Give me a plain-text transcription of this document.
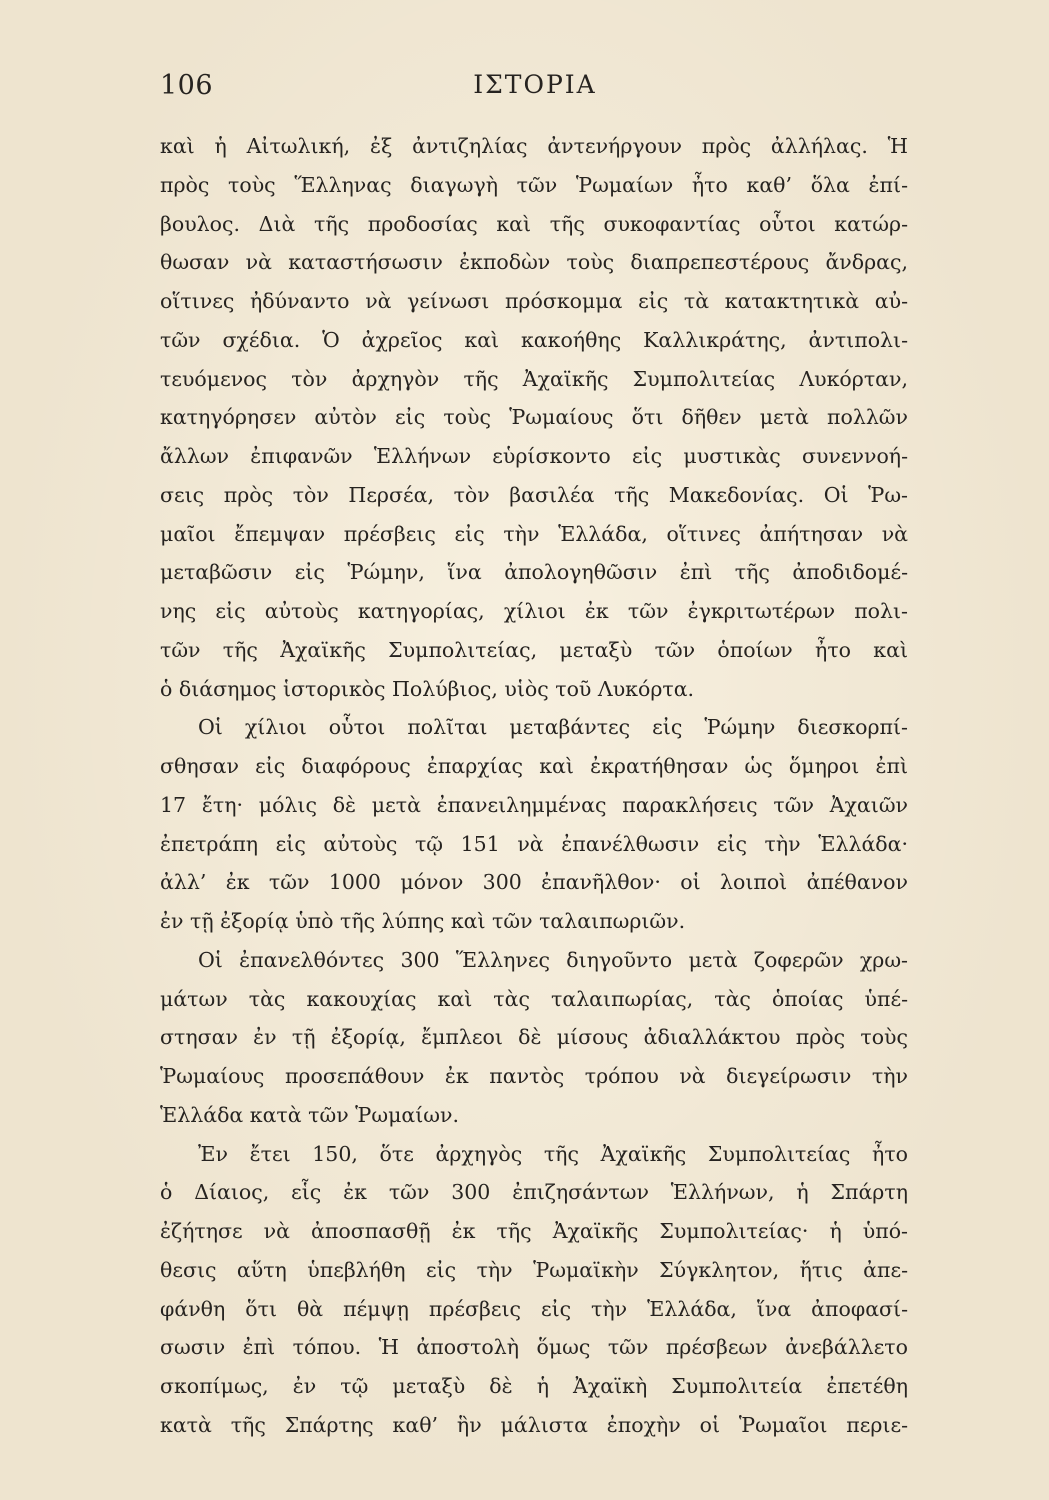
106	ΙΣΤΟΡΙΑ
καὶ ἡ Αἰτωλική, ἐξ ἀντιζηλίας ἀντενήργουν πρὸς ἀλλήλας. Ἡ
πρὸς τοὺς Ἕλληνας διαγωγὴ τῶν Ῥωμαίων ἦτο καθ’ ὅλα ἐπί-
βουλος. Διὰ τῆς προδοσίας καὶ τῆς συκοφαντίας οὗτοι κατώρ-
θωσαν νὰ καταστήσωσιν ἐκποδὼν τοὺς διαπρεπεστέρους ἄνδρας,
οἵτινες ἠδύναντο νὰ γείνωσι πρόσκομμα εἰς τὰ κατακτητικὰ αὐ-
τῶν σχέδια. Ὁ ἀχρεῖος καὶ κακοήθης Καλλικράτης, ἀντιπολι-
τευόμενος τὸν ἀρχηγὸν τῆς Ἀχαϊκῆς Συμπολιτείας Λυκόρταν,
κατηγόρησεν αὐτὸν εἰς τοὺς Ῥωμαίους ὅτι δῆθεν μετὰ πολλῶν
ἄλλων ἐπιφανῶν Ἑλλήνων εὑρίσκοντο εἰς μυστικὰς συνεννοή-
σεις πρὸς τὸν Περσέα, τὸν βασιλέα τῆς Μακεδονίας. Οἱ Ῥω-
μαῖοι ἔπεμψαν πρέσβεις εἰς τὴν Ἑλλάδα, οἵτινες ἀπήτησαν νὰ
μεταβῶσιν εἰς Ῥώμην, ἵνα ἀπολογηθῶσιν ἐπὶ τῆς ἀποδιδομέ-
νης εἰς αὐτοὺς κατηγορίας, χίλιοι ἐκ τῶν ἐγκριτωτέρων πολι-
τῶν τῆς Ἀχαϊκῆς Συμπολιτείας, μεταξὺ τῶν ὁποίων ἦτο καὶ
ὁ διάσημος ἱστορικὸς Πολύβιος, υἱὸς τοῦ Λυκόρτα.
Οἱ χίλιοι οὗτοι πολῖται μεταβάντες εἰς Ῥώμην διεσκορπί-
σθησαν εἰς διαφόρους ἐπαρχίας καὶ ἐκρατήθησαν ὡς ὅμηροι ἐπὶ
17 ἔτη· μόλις δὲ μετὰ ἐπανειλημμένας παρακλήσεις τῶν Ἀχαιῶν
ἐπετράπη εἰς αὐτοὺς τῷ 151 νὰ ἐπανέλθωσιν εἰς τὴν Ἑλλάδα·
ἀλλ’ ἐκ τῶν 1000 μόνον 300 ἐπανῆλθον· οἱ λοιποὶ ἀπέθανον
ἐν τῇ ἐξορίᾳ ὑπὸ τῆς λύπης καὶ τῶν ταλαιπωριῶν.
Οἱ ἐπανελθόντες 300 Ἕλληνες διηγοῦντο μετὰ ζοφερῶν χρω-
μάτων τὰς κακουχίας καὶ τὰς ταλαιπωρίας, τὰς ὁποίας ὑπέ-
στησαν ἐν τῇ ἐξορίᾳ, ἔμπλεοι δὲ μίσους ἀδιαλλάκτου πρὸς τοὺς
Ῥωμαίους προσεπάθουν ἐκ παντὸς τρόπου νὰ διεγείρωσιν τὴν
Ἑλλάδα κατὰ τῶν Ῥωμαίων.
Ἐν ἔτει 150, ὅτε ἀρχηγὸς τῆς Ἀχαϊκῆς Συμπολιτείας ἦτο
ὁ Δίαιος, εἷς ἐκ τῶν 300 ἐπιζησάντων Ἑλλήνων, ἡ Σπάρτη
ἐζήτησε νὰ ἀποσπασθῇ ἐκ τῆς Ἀχαϊκῆς Συμπολιτείας· ἡ ὑπό-
θεσις αὕτη ὑπεβλήθη εἰς τὴν Ῥωμαϊκὴν Σύγκλητον, ἥτις ἀπε-
φάνθη ὅτι θὰ πέμψῃ πρέσβεις εἰς τὴν Ἑλλάδα, ἵνα ἀποφασί-
σωσιν ἐπὶ τόπου. Ἡ ἀποστολὴ ὅμως τῶν πρέσβεων ἀνεβάλλετο
σκοπίμως, ἐν τῷ μεταξὺ δὲ ἡ Ἀχαϊκὴ Συμπολιτεία ἐπετέθη
κατὰ τῆς Σπάρτης καθ’ ἣν μάλιστα ἐποχὴν οἱ Ῥωμαῖοι περιε-
